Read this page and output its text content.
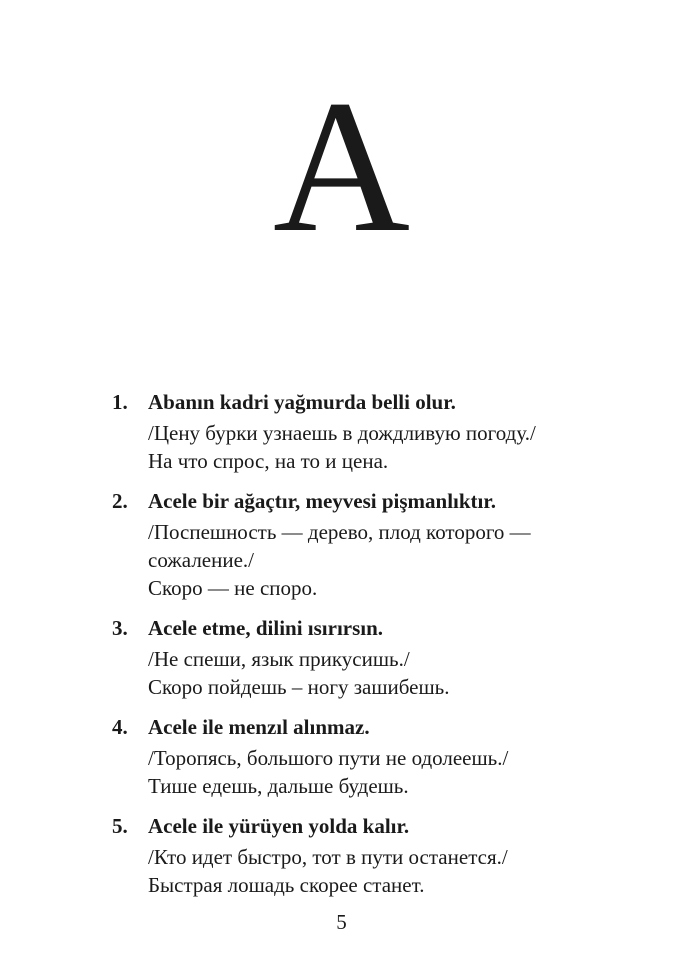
A
1. Abanın kadri yağmurda belli olur.
/Цену бурки узнаешь в дождливую погоду./
На что спрос, на то и цена.
2. Acele bir ağaçtır, meyvesi pişmanlıktır.
/Поспешность — дерево, плод которого — сожаление./
Скоро — не споро.
3. Acele etme, dilini ısırırsın.
/Не спеши, язык прикусишь./
Скоро пойдешь – ногу зашибешь.
4. Acele ile menzıl alınmaz.
/Торопясь, большого пути не одолеешь./
Тише едешь, дальше будешь.
5. Acele ile yürüyen yolda kalır.
/Кто идет быстро, тот в пути останется./
Быстрая лошадь скорее станет.
5
